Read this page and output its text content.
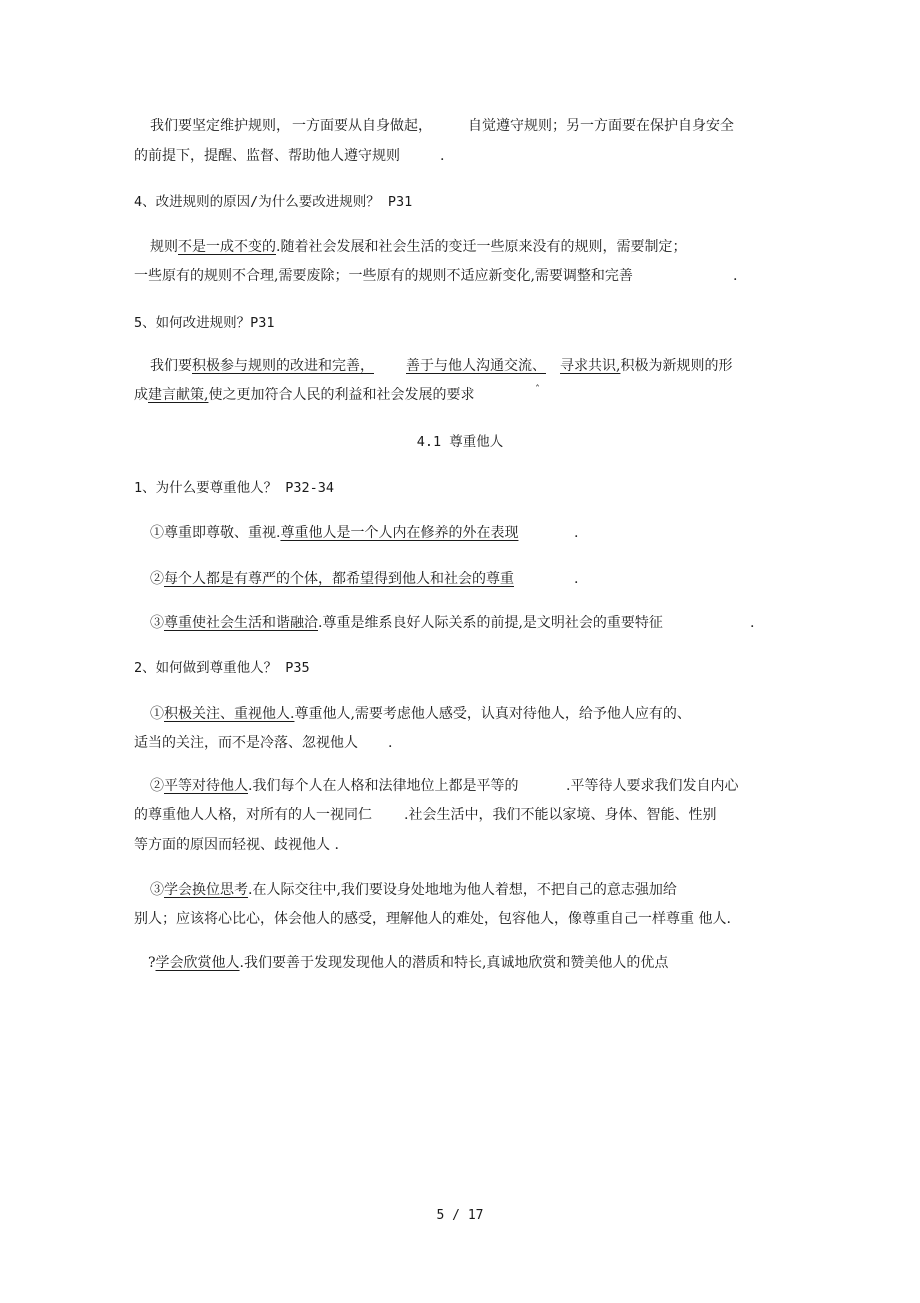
我们要坚定维护规则， 一方面要从自身做起，	自觉遵守规则；另一方面要在保护自身安全
的前提下，提醒、监督、帮助他人遵守规则	.
4、改进规则的原因/为什么要改进规则？ P31
规则不是一成不变的.随着社会发展和社会生活的变迁一些原来没有的规则，需要制定；
一些原有的规则不合理,需要废除；一些原有的规则不适应新变化,需要调整和完善	.
5、如何改进规则？P31
我们要积极参与规则的改进和完善， 善于与他人沟通交流、 寻求共识,积极为新规则的形
成建言献策,使之更加符合人民的利益和社会发展的要求	ˆ
4.1 尊重他人
1、为什么要尊重他人？ P32-34
①尊重即尊敬、重视.尊重他人是一个人内在修养的外在表现	.
②每个人都是有尊严的个体，都希望得到他人和社会的尊重	.
③尊重使社会生活和谐融洽.尊重是维系良好人际关系的前提,是文明社会的重要特征	.
2、如何做到尊重他人？ P35
①积极关注、重视他人.尊重他人,需要考虑他人感受，认真对待他人，给予他人应有的、
适当的关注，而不是冷落、忽视他人 .
②平等对待他人.我们每个人在人格和法律地位上都是平等的	.平等待人要求我们发自内心
的尊重他人人格，对所有的人一视同仁 .社会生活中，我们不能以家境、身体、智能、性别
等方面的原因而轻视、歧视他人 .
③学会换位思考.在人际交往中,我们要设身处地地为他人着想，不把自己的意志强加给
别人；应该将心比心，体会他人的感受，理解他人的难处，包容他人，像尊重自己一样尊重 他人.
?学会欣赏他人.我们要善于发现发现他人的潜质和特长,真诚地欣赏和赞美他人的优点
5 / 17
